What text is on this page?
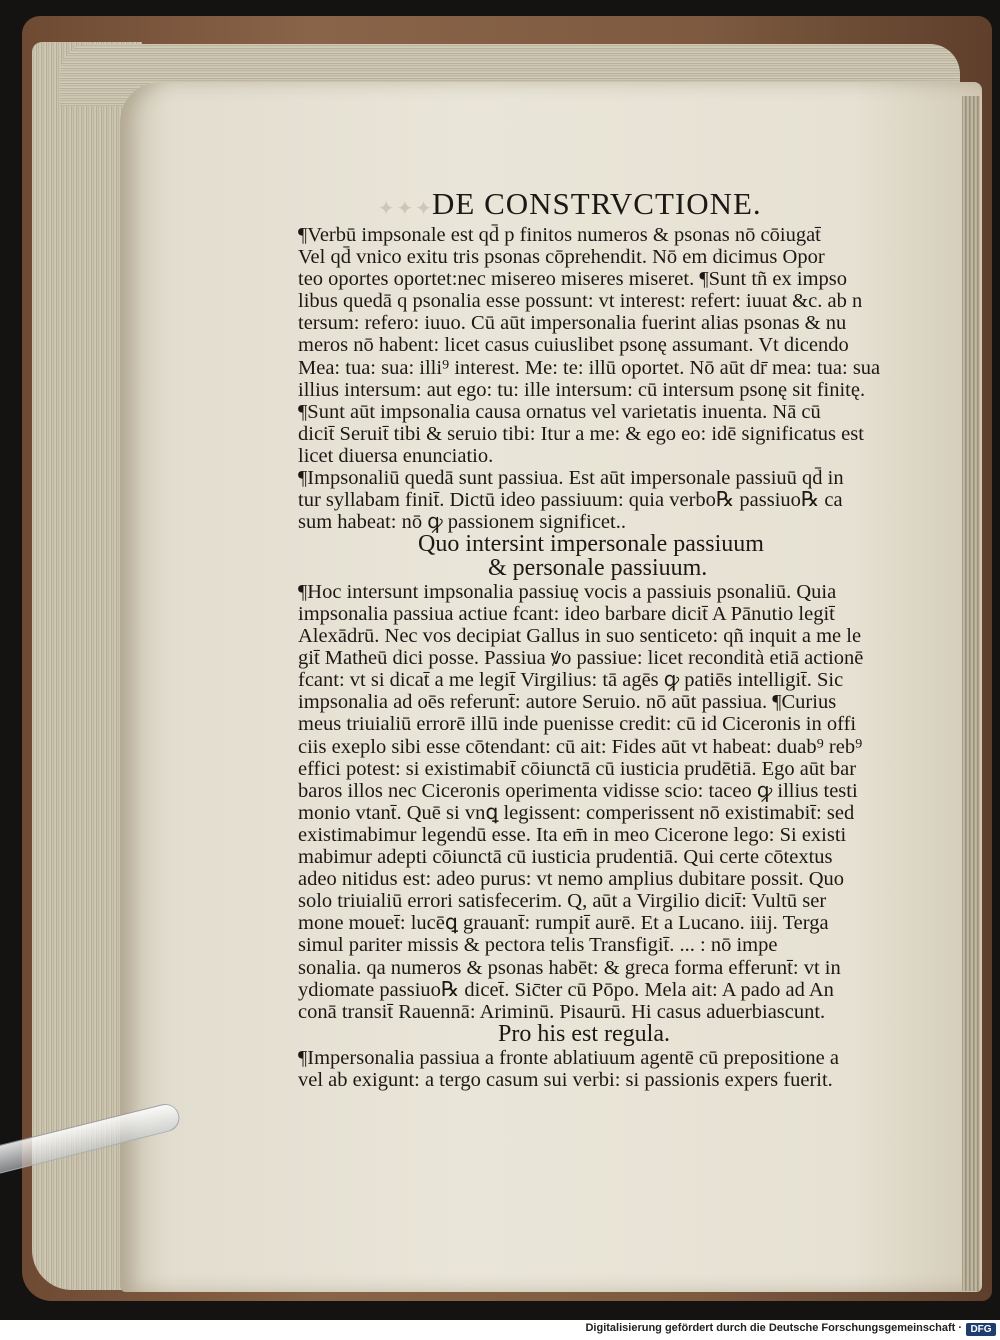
✦✦✦ DE CONSTRVCTIONE.
¶Verbū impsonale est qd̄ p finitos numeros & psonas nō cōiugat̄
Vel qd̄ vnico exitu tris psonas cōprehendit. Nō em dicimus Opor
teo oportes oportet:nec misereo miseres miseret. ¶Sunt tñ ex impso
libus quedā q psonalia esse possunt: vt interest: refert: iuuat &c. ab n
tersum: refero: iuuo. Cū aūt impersonalia fuerint alias psonas & nu
meros nō habent: licet casus cuiuslibet psonę assumant. Vt dicendo
Mea: tua: sua: illi⁹ interest. Me: te: illū oportet. Nō aūt dr̄ mea: tua: sua
illius intersum: aut ego: tu: ille intersum: cū intersum psonę sit finitę.
¶Sunt aūt impsonalia causa ornatus vel varietatis inuenta. Nā cū
dicit̄ Seruit̄ tibi & seruio tibi: Itur a me: & ego eo: idē significatus est
licet diuersa enunciatio.
¶Impsonaliū quedā sunt passiua. Est aūt impersonale passiuū qd̄ in
tur syllabam finit̄. Dictū ideo passiuum: quia verbo℞ passiuo℞ ca
sum habeat: nō ꝙ passionem significet..
Quo intersint impersonale passiuum
& personale passiuum.
¶Hoc intersunt impsonalia passiuę vocis a passiuis psonaliū. Quia
impsonalia passiua actiue fcant: ideo barbare dicit̄ A Pānutio legit̄
Alexādrū. Nec vos decipiat Gallus in suo senticeto: qñ inquit a me le
git̄ Matheū dici posse. Passiua ꝟo passiue: licet recondità etiā actionē
fcant: vt si dicat̄ a me legit̄ Virgilius: tā agēs ꝙ patiēs intelligit̄. Sic
impsonalia ad oēs referunt̄: autore Seruio. nō aūt passiua. ¶Curius
meus triuialiū errorē illū inde puenisse credit: cū id Ciceronis in offi
ciis exeplo sibi esse cōtendant: cū ait: Fides aūt vt habeat: duab⁹ reb⁹
effici potest: si existimabit̄ cōiunctā cū iusticia prudētiā. Ego aūt bar
baros illos nec Ciceronis operimenta vidisse scio: taceo ꝙ illius testi
monio vtant̄. Quē si vnꝗ legissent: comperissent nō existimabit̄: sed
existimabimur legendū esse. Ita em̄ in meo Cicerone lego: Si existi
mabimur adepti cōiunctā cū iusticia prudentiā. Qui certe cōtextus
adeo nitidus est: adeo purus: vt nemo amplius dubitare possit. Quo
solo triuialiū errori satisfecerim. Q, aūt a Virgilio dicit̄: Vultū ser
mone mouet̄: lucēꝗ grauant̄: rumpit̄ aurē. Et a Lucano. iiij. Terga
simul pariter missis & pectora telis Transfigit̄. ... : nō impe
sonalia. qa numeros & psonas habēt: & greca forma efferunt̄: vt in
ydiomate passiuo℞ dicet̄. Sic̄ter cū Pōpo. Mela ait: A pado ad An
conā transit̄ Rauennā: Ariminū. Pisaurū. Hi casus aduerbiascunt.
Pro his est regula.
¶Impersonalia passiua a fronte ablatiuum agentē cū prepositione a
vel ab exigunt: a tergo casum sui verbi: si passionis expers fuerit.
Digitalisierung gefördert durch die Deutsche Forschungsgemeinschaft · DFG
